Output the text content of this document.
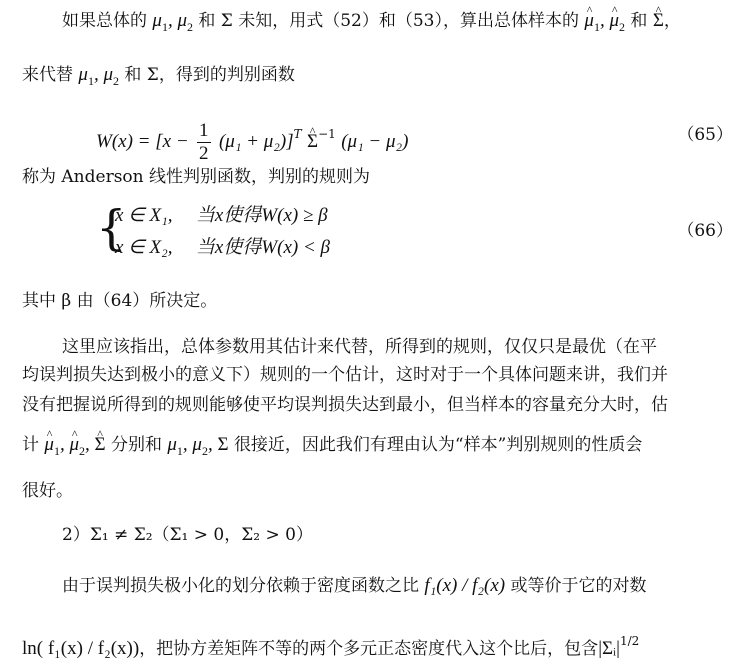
如果总体的 $\mu_1$, $\mu_2$ 和 Σ 未知，用式（52）和（53），算出总体样本的 ^ $\mu_1$, ^ $\mu_2$ 和 ^ Σ，
来代替 $\mu_1$, $\mu_2$ 和 Σ，得到的判别函数
$W(x) = [x - \frac{1}{2} (\mu_1 + \mu_2)]^T$ ^ $\Sigma^{-1}$ (μ₁ − μ₂)	（65）
称为 Anderson 线性判别函数，判别的规则为
{
x ∈ X₁, 当x使得W(x) ≥ β
x ∈ X₂, 当x使得W(x) < β
（66）
其中 β 由（64）所决定。
这里应该指出，总体参数用其估计来代替，所得到的规则，仅仅只是最优（在平
均误判损失达到极小的意义下）规则的一个估计，这时对于一个具体问题来讲，我们并
没有把握说所得到的规则能够使平均误判损失达到最小，但当样本的容量充分大时，估
计 ^ $\mu_1$, ^ $\mu_2$, ^ Σ 分别和 $\mu_1$, $\mu_2$, Σ 很接近，因此我们有理由认为“样本”判别规则的性质会
很好。
2）Σ₁ ≠ Σ₂（Σ₁ > 0，Σ₂ > 0）
由于误判损失极小化的划分依赖于密度函数之比 f₁(x) / f₂(x) 或等价于它的对数
ln( f₁(x) / f₂(x))，把协方差矩阵不等的两个多元正态密度代入这个比后，包含$|\Sigma ᵢ|^{1/2}$
